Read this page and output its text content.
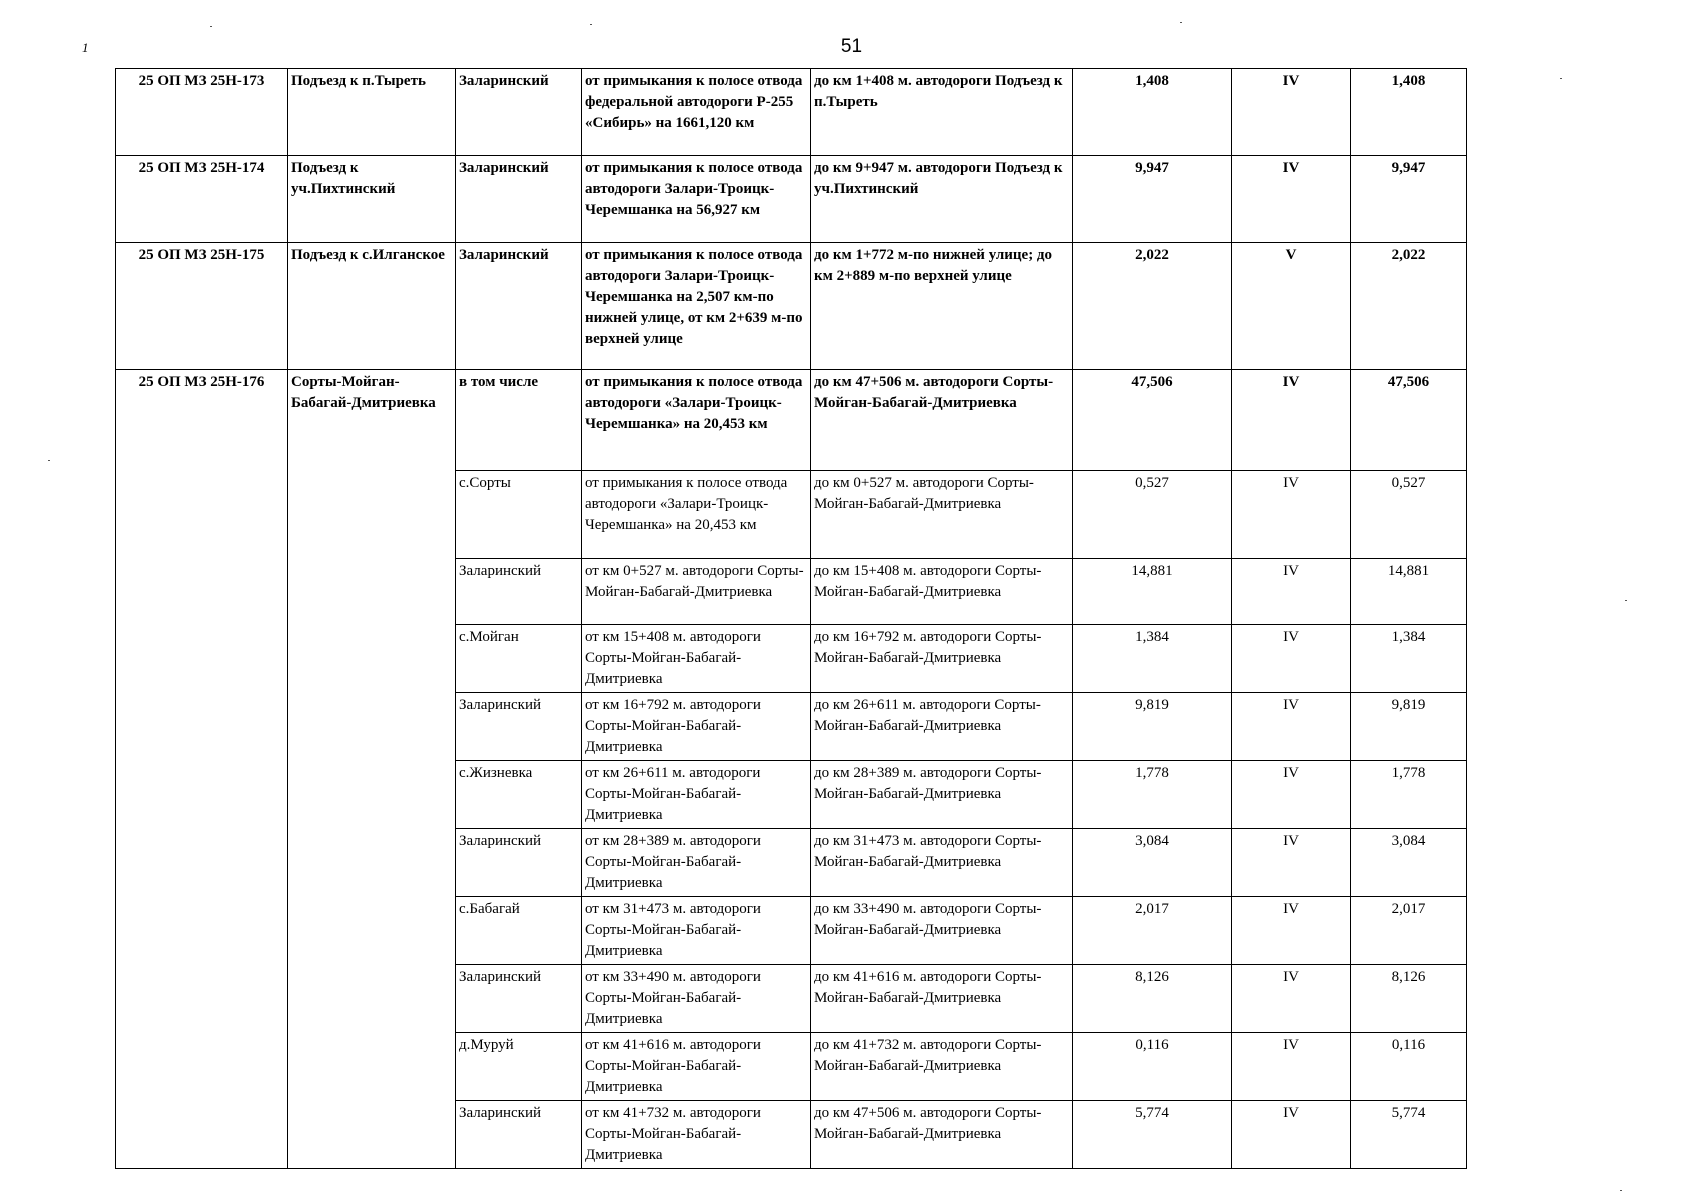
51
1
25 ОП МЗ 25Н-173	Подъезд к п.Тыреть	Заларинский	от примыкания к полосе отвода федеральной автодороги Р-255 «Сибирь» на 1661,120 км	до км 1+408 м. автодороги Подъезд к п.Тыреть	1,408	IV	1,408
25 ОП МЗ 25Н-174	Подъезд к уч.Пихтинский	Заларинский	от примыкания к полосе отвода автодороги Залари-Троицк-Черемшанка на 56,927 км	до км 9+947 м. автодороги Подъезд к уч.Пихтинский	9,947	IV	9,947
25 ОП МЗ 25Н-175	Подъезд к с.Илганское	Заларинский	от примыкания к полосе отвода автодороги Залари-Троицк-Черемшанка на 2,507 км-по нижней улице, от км 2+639 м-по верхней улице	до км 1+772 м-по нижней улице; до км 2+889 м-по верхней улице	2,022	V	2,022
25 ОП МЗ 25Н-176	Сорты-Мойган-Бабагай-Дмитриевка	в том числе	от примыкания к полосе отвода автодороги «Залари-Троицк-Черемшанка» на 20,453 км	до км 47+506 м. автодороги Сорты-Мойган-Бабагай-Дмитриевка	47,506	IV	47,506
		с.Сорты	от примыкания к полосе отвода автодороги «Залари-Троицк-Черемшанка» на 20,453 км	до км 0+527 м. автодороги Сорты-Мойган-Бабагай-Дмитриевка	0,527	IV	0,527
		Заларинский	от км 0+527 м. автодороги Сорты-Мойган-Бабагай-Дмитриевка	до км 15+408 м. автодороги Сорты-Мойган-Бабагай-Дмитриевка	14,881	IV	14,881
		с.Мойган	от км 15+408 м. автодороги Сорты-Мойган-Бабагай-Дмитриевка	до км 16+792 м. автодороги Сорты-Мойган-Бабагай-Дмитриевка	1,384	IV	1,384
		Заларинский	от км 16+792 м. автодороги Сорты-Мойган-Бабагай-Дмитриевка	до км 26+611 м. автодороги Сорты-Мойган-Бабагай-Дмитриевка	9,819	IV	9,819
		с.Жизневка	от км 26+611 м. автодороги Сорты-Мойган-Бабагай-Дмитриевка	до км 28+389 м. автодороги Сорты-Мойган-Бабагай-Дмитриевка	1,778	IV	1,778
		Заларинский	от км 28+389 м. автодороги Сорты-Мойган-Бабагай-Дмитриевка	до км 31+473 м. автодороги Сорты-Мойган-Бабагай-Дмитриевка	3,084	IV	3,084
		с.Бабагай	от км 31+473 м. автодороги Сорты-Мойган-Бабагай-Дмитриевка	до км 33+490 м. автодороги Сорты-Мойган-Бабагай-Дмитриевка	2,017	IV	2,017
		Заларинский	от км 33+490 м. автодороги Сорты-Мойган-Бабагай-Дмитриевка	до км 41+616 м. автодороги Сорты-Мойган-Бабагай-Дмитриевка	8,126	IV	8,126
		д.Муруй	от км 41+616 м. автодороги Сорты-Мойган-Бабагай-Дмитриевка	до км 41+732 м. автодороги Сорты-Мойган-Бабагай-Дмитриевка	0,116	IV	0,116
		Заларинский	от км 41+732 м. автодороги Сорты-Мойган-Бабагай-Дмитриевка	до км 47+506 м. автодороги Сорты-Мойган-Бабагай-Дмитриевка	5,774	IV	5,774
